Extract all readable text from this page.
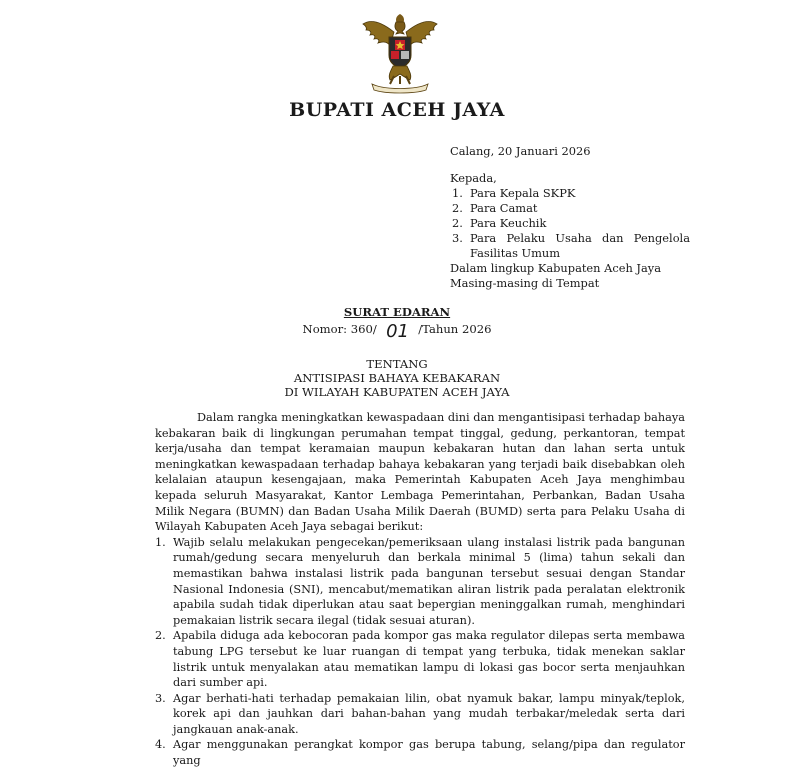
BUPATI ACEH JAYA
Calang, 20 Januari 2026
Kepada,
1. Para Kepala SKPK
2. Para Camat
2. Para Keuchik
3. Para Pelaku Usaha dan Pengelola Fasilitas Umum
Dalam lingkup Kabupaten Aceh Jaya
Masing-masing di Tempat
SURAT EDARAN
Nomor: 360/ 01 /Tahun 2026
TENTANG
ANTISIPASI BAHAYA KEBAKARAN
DI WILAYAH KABUPATEN ACEH JAYA

Dalam rangka meningkatkan kewaspadaan dini dan mengantisipasi terhadap bahaya kebakaran baik di lingkungan perumahan tempat tinggal, gedung, perkantoran, tempat kerja/usaha dan tempat keramaian maupun kebakaran hutan dan lahan serta untuk meningkatkan kewaspadaan terhadap bahaya kebakaran yang terjadi baik disebabkan oleh kelalaian ataupun kesengajaan, maka Pemerintah Kabupaten Aceh Jaya menghimbau kepada seluruh Masyarakat, Kantor Lembaga Pemerintahan, Perbankan, Badan Usaha Milik Negara (BUMN) dan Badan Usaha Milik Daerah (BUMD) serta para Pelaku Usaha di Wilayah Kabupaten Aceh Jaya sebagai berikut:

1. Wajib selalu melakukan pengecekan/pemeriksaan ulang instalasi listrik pada bangunan rumah/gedung secara menyeluruh dan berkala minimal 5 (lima) tahun sekali dan memastikan bahwa instalasi listrik pada bangunan tersebut sesuai dengan Standar Nasional Indonesia (SNI), mencabut/mematikan aliran listrik pada peralatan elektronik apabila sudah tidak diperlukan atau saat bepergian meninggalkan rumah, menghindari pemakaian listrik secara ilegal (tidak sesuai aturan).
2. Apabila diduga ada kebocoran pada kompor gas maka regulator dilepas serta membawa tabung LPG tersebut ke luar ruangan di tempat yang terbuka, tidak menekan saklar listrik untuk menyalakan atau mematikan lampu di lokasi gas bocor serta menjauhkan dari sumber api.
3. Agar berhati-hati terhadap pemakaian lilin, obat nyamuk bakar, lampu minyak/teplok, korek api dan jauhkan dari bahan-bahan yang mudah terbakar/meledak serta dari jangkauan anak-anak.
4. Agar menggunakan perangkat kompor gas berupa tabung, selang/pipa dan regulator yang
